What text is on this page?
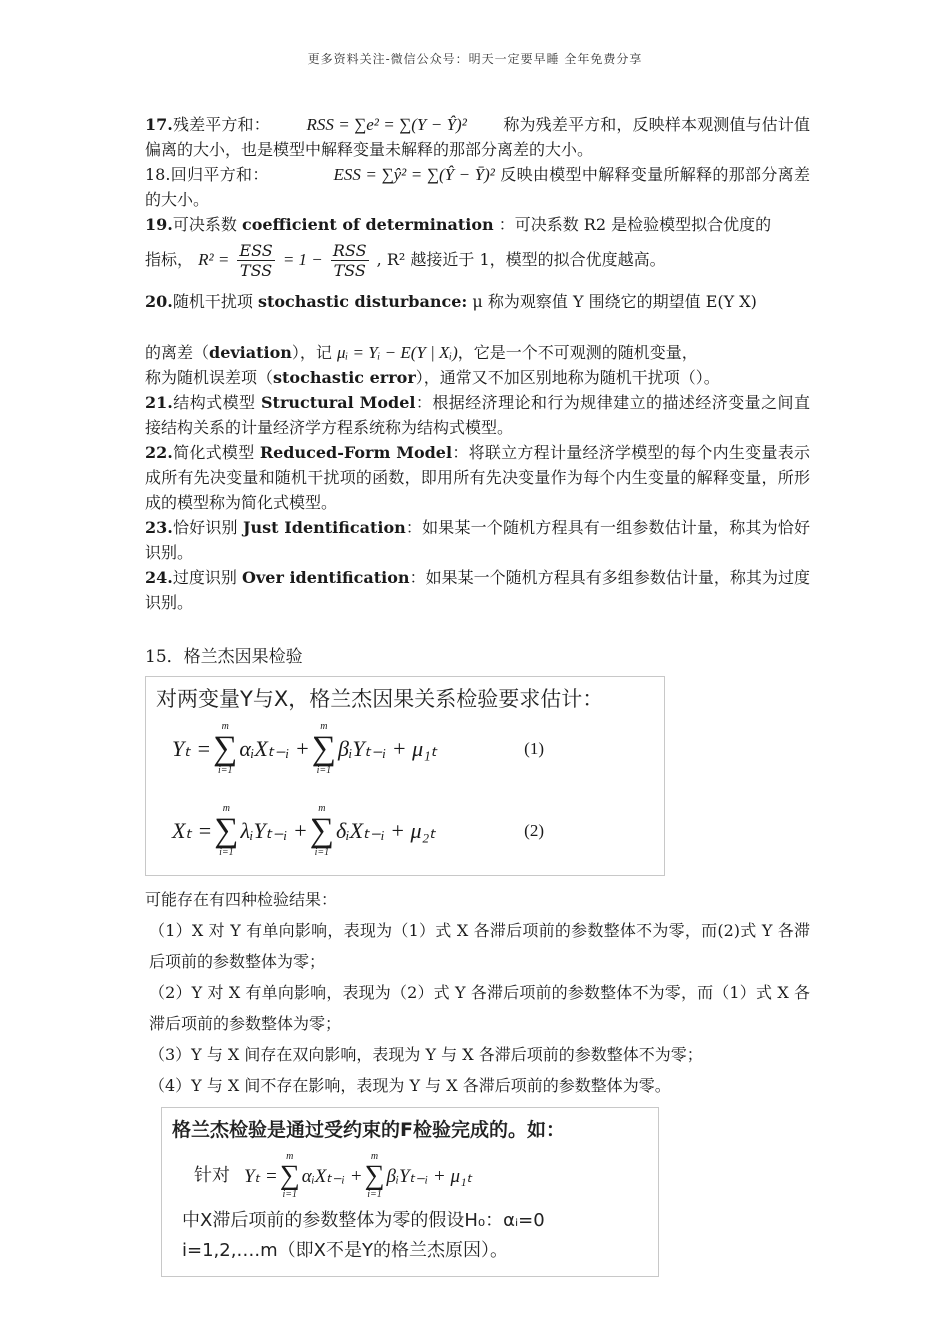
更多资料关注-微信公众号：明天一定要早睡 全年免费分享

17.残差平方和： RSS = ∑e² = ∑(Y − Ŷ)² 称为残差平方和，反映样本观测值与估计值偏离的大小，也是模型中解释变量未解释的那部分离差的大小。

18.回归平方和：	ESS = ∑ŷ² = ∑(Ŷ − Ȳ)² 反映由模型中解释变量所解释的那部分离差的大小。

19.可决系数 coefficient of determination ：可决系数 R2 是检验模型拟合优度的

指标， $R^2 = \frac{\text{ESS}}{\text{TSS}} = 1 - \frac{\text{RSS}}{\text{TSS}}$ , R² 越接近于 1，模型的拟合优度越高。

20.随机干扰项 stochastic disturbance: μ 称为观察值 Y 围绕它的期望值 E(Y X)

的离差（deviation），记 μᵢ = Yᵢ − E(Y | Xᵢ)，它是一个不可观测的随机变量，

称为随机误差项（stochastic error），通常又不加区别地称为随机干扰项（）。

21.结构式模型 Structural Model：根据经济理论和行为规律建立的描述经济变量之间直接结构关系的计量经济学方程系统称为结构式模型。

22.简化式模型 Reduced-Form Model：将联立方程计量经济学模型的每个内生变量表示成所有先决变量和随机干扰项的函数，即用所有先决变量作为每个内生变量的解释变量，所形成的模型称为简化式模型。

23.恰好识别 Just Identification：如果某一个随机方程具有一组参数估计量，称其为恰好识别。

24.过度识别 Over identification：如果某一个随机方程具有多组参数估计量，称其为过度识别。

15．格兰杰因果检验

对两变量Y与X，格兰杰因果关系检验要求估计：
Yₜ =
m
∑
i=1
αᵢXₜ₋ᵢ +
m
∑
i=1
βᵢYₜ₋ᵢ + μ₁ₜ	(1)
Xₜ =
m
∑
i=1
λᵢYₜ₋ᵢ +
m
∑
i=1
δᵢXₜ₋ᵢ + μ₂ₜ	(2)

可能存在有四种检验结果：

（1）X 对 Y 有单向影响，表现为（1）式 X 各滞后项前的参数整体不为零，而(2)式 Y 各滞后项前的参数整体为零；

（2）Y 对 X 有单向影响，表现为（2）式 Y 各滞后项前的参数整体不为零，而（1）式 X 各滞后项前的参数整体为零；

（3）Y 与 X 间存在双向影响，表现为 Y 与 X 各滞后项前的参数整体不为零；

（4）Y 与 X 间不存在影响，表现为 Y 与 X 各滞后项前的参数整体为零。

格兰杰检验是通过受约束的F检验完成的。如：
针对 Yₜ =
m
∑
i=1
αᵢXₜ₋ᵢ +
m
∑
i=1
βᵢYₜ₋ᵢ + μ₁ₜ
中X滞后项前的参数整体为零的假设H₀：αᵢ=0
i=1,2,….m（即X不是Y的格兰杰原因）。
